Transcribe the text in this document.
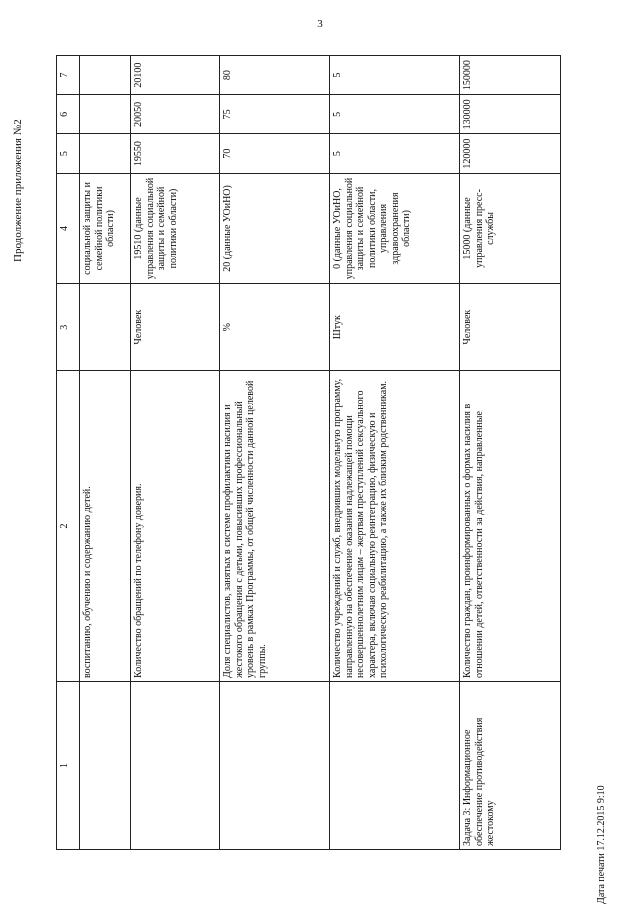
3
Продолжение приложения №2
Дата печати 17.12.2015 9:10
1	2	3	4	5	6	7
	воспитанию, обучению и содержанию детей.		социальной защиты и семейной политики области)			
	Количество обращений по телефону доверия.	Человек	19510 (данные управления социальной защиты и семейной политики области)	19550	20050	20100
	Доля специалистов, занятых в системе профилактики насилия и жестокого обращения с детьми, повысивших профессиональный уровень в рамках Программы, от общей численности данной целевой группы.	%	20 (данные УОиНО)	70	75	80
	Количество учреждений и служб, внедривших модельную программу, направленную на обеспечение оказания надлежащей помощи несовершеннолетним лицам – жертвам преступлений сексуального характера, включая социальную реинтеграцию, физическую и психологическую реабилитацию, а также их близким родственникам.	Штук	0 (данные УОиНО, управления социальной защиты и семейной политики области, управления здравоохранения области)	5	5	5
Задача 3: Информационное обеспечение противодействия жестокому	Количество граждан, проинформированных о формах насилия в отношении детей, ответственности за действия, направленные	Человек	15000 (данные управления пресс-службы	120000	130000	150000
